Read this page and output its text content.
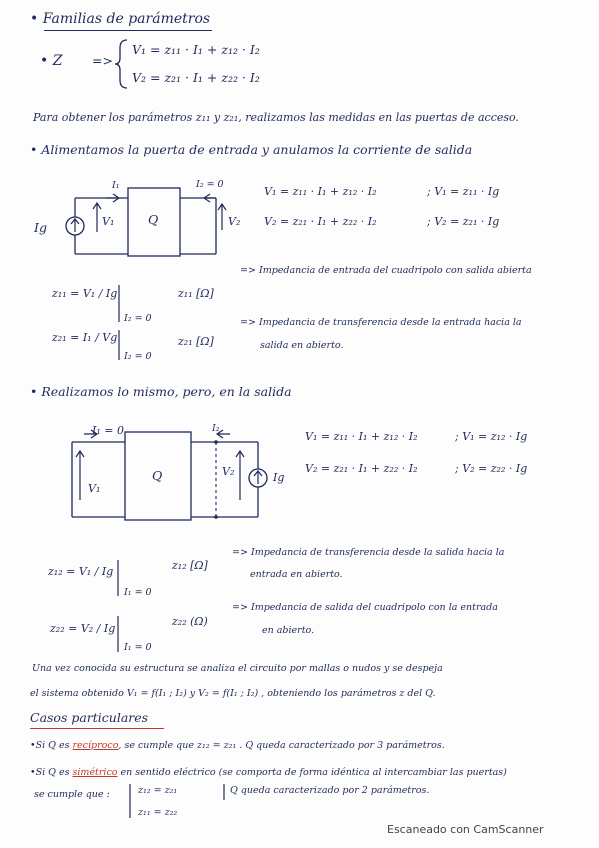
• Familias de parámetros
• Z =>
V₁ = z₁₁ · I₁ + z₁₂ · I₂
V₂ = z₂₁ · I₁ + z₂₂ · I₂
Para obtener los parámetros z₁₁ y z₂₁, realizamos las medidas en las puertas de acceso.
• Alimentamos la puerta de entrada y anulamos la corriente de salida
I₁	I₂ = 0
V₁	V₂
Q
Ig
V₁ = z₁₁ · I₁ + z₁₂ · I₂	; V₁ = z₁₁ · Ig
V₂ = z₂₁ · I₁ + z₂₂ · I₂	; V₂ = z₂₁ · Ig
z₁₁ = V₁ / Ig
I₂ = 0
z₁₁ [Ω]
=> Impedancia de entrada del cuadripolo con salida abierta
z₂₁ = I₁ / Vg
I₂ = 0
z₂₁ [Ω]
=> Impedancia de transferencia desde la entrada hacia la
salida en abierto.
• Realizamos lo mismo, pero, en la salida
I₁ = 0	I₂
V₁
V₂
Q	Ig
V₁ = z₁₁ · I₁ + z₁₂ · I₂	; V₁ = z₁₂ · Ig
V₂ = z₂₁ · I₁ + z₂₂ · I₂	; V₂ = z₂₂ · Ig
z₁₂ = V₁ / Ig
I₁ = 0
z₁₂ [Ω]
=> Impedancia de transferencia desde la salida hacia la
entrada en abierto.
z₂₂ = V₂ / Ig
I₁ = 0
z₂₂ (Ω)
=> Impedancia de salida del cuadripolo con la entrada
en abierto.
Una vez conocida su estructura se analiza el circuito por mallas o nudos y se despeja
el sistema obtenido V₁ = f(I₁ ; I₂) y V₂ = f(I₁ ; I₂) , obteniendo los parámetros z del Q.
Casos particulares
•Si Q es recíproco, se cumple que z₁₂ = z₂₁ . Q queda caracterizado por 3 parámetros.
•Si Q es simétrico en sentido eléctrico (se comporta de forma idéntica al intercambiar las puertas)
se cumple que :	z₁₂ = z₂₁
z₁₁ = z₂₂
Q queda caracterizado por 2 parámetros.
Escaneado con CamScanner
